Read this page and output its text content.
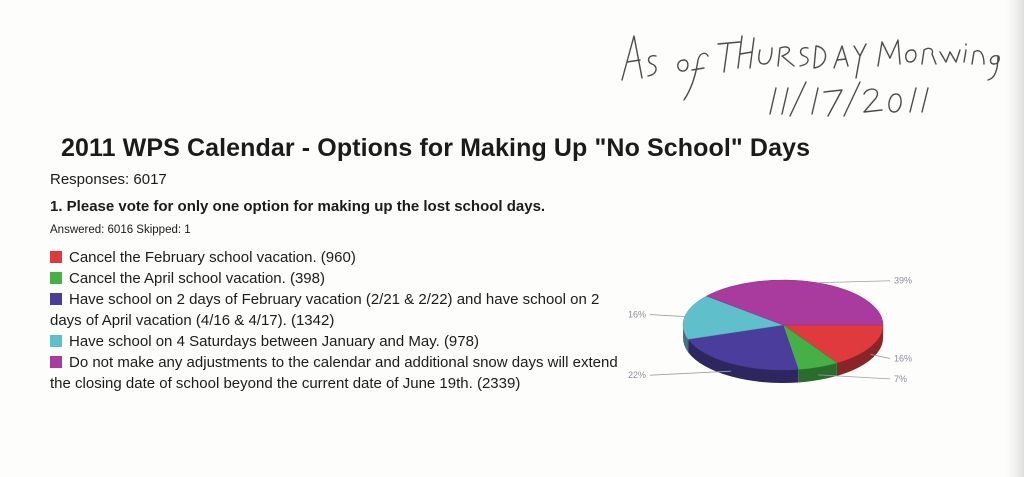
2011 WPS Calendar - Options for Making Up "No School" Days
Responses: 6017
1. Please vote for only one option for making up the lost school days.
Answered: 6016 Skipped: 1
Cancel the February school vacation. (960)
Cancel the April school vacation. (398)
Have school on 2 days of February vacation (2/21 & 2/22) and have school on 2 days of April vacation (4/16 & 4/17). (1342)
Have school on 4 Saturdays between January and May. (978)
Do not make any adjustments to the calendar and additional snow days will extend the closing date of school beyond the current date of June 19th. (2339)
16%
7%
22%
16%
39%
